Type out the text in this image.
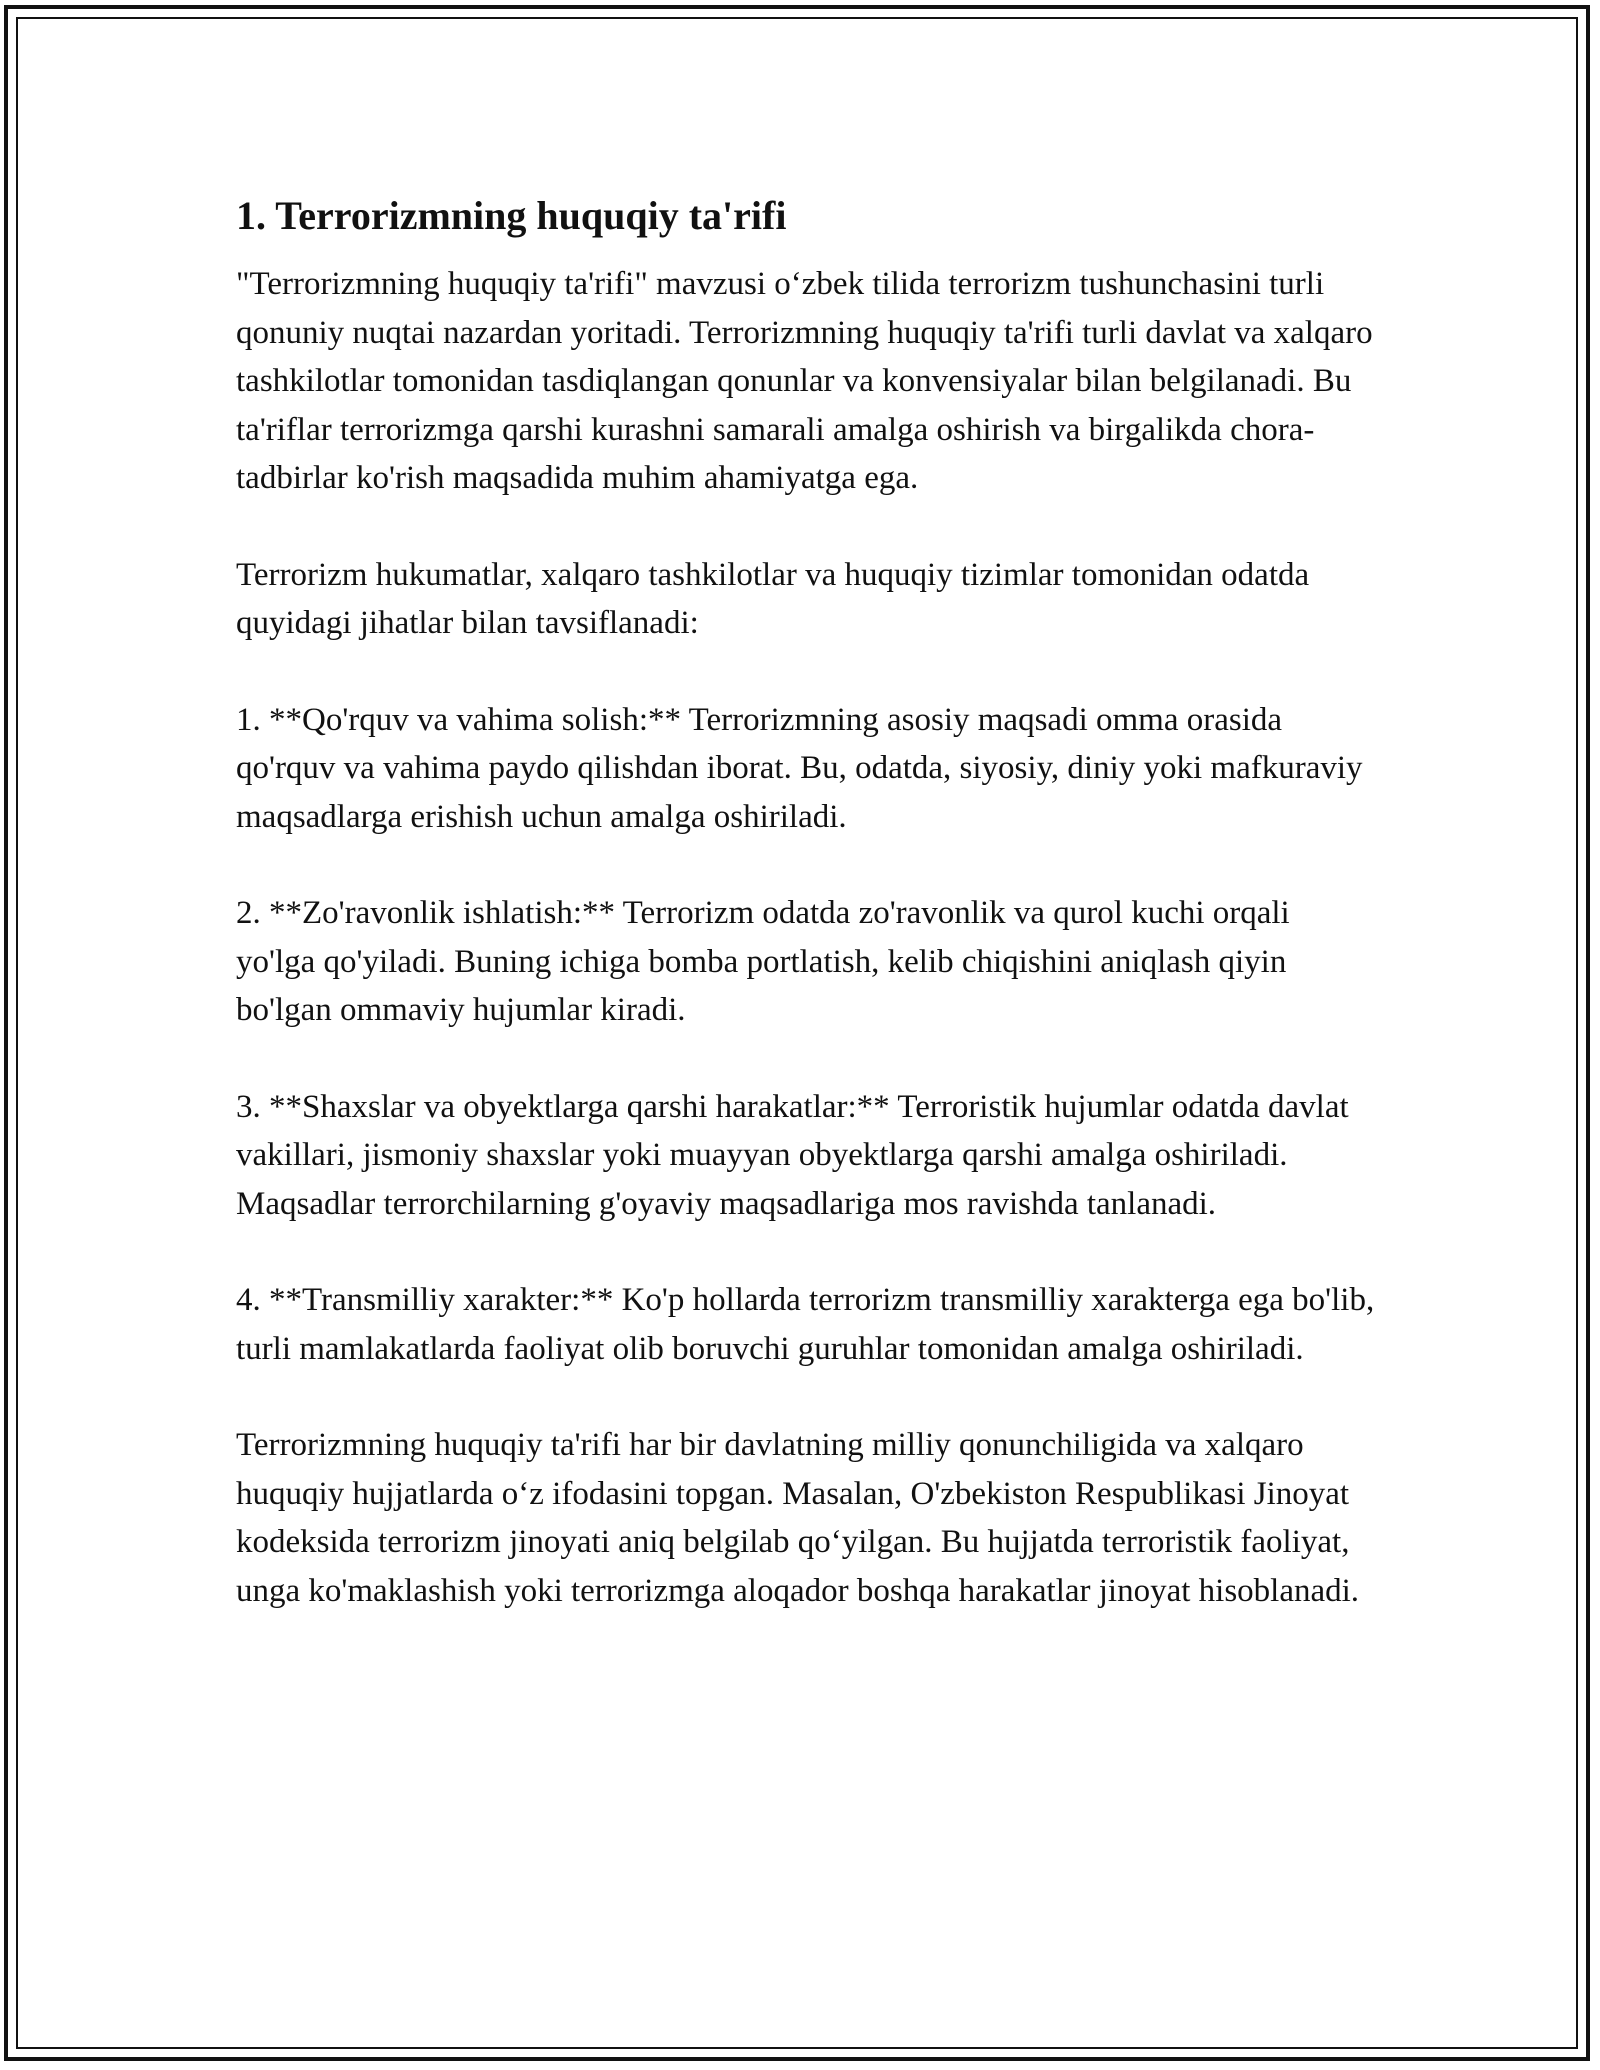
1. Terrorizmning huquqiy ta'rifi

"Terrorizmning huquqiy ta'rifi" mavzusi o‘zbek tilida terrorizm tushunchasini turli qonuniy nuqtai nazardan yoritadi. Terrorizmning huquqiy ta'rifi turli davlat va xalqaro tashkilotlar tomonidan tasdiqlangan qonunlar va konvensiyalar bilan belgilanadi. Bu ta'riflar terrorizmga qarshi kurashni samarali amalga oshirish va birgalikda chora-tadbirlar ko'rish maqsadida muhim ahamiyatga ega.

Terrorizm hukumatlar, xalqaro tashkilotlar va huquqiy tizimlar tomonidan odatda quyidagi jihatlar bilan tavsiflanadi:

1. **Qo'rquv va vahima solish:** Terrorizmning asosiy maqsadi omma orasida qo'rquv va vahima paydo qilishdan iborat. Bu, odatda, siyosiy, diniy yoki mafkuraviy maqsadlarga erishish uchun amalga oshiriladi.

2. **Zo'ravonlik ishlatish:** Terrorizm odatda zo'ravonlik va qurol kuchi orqali yo'lga qo'yiladi. Buning ichiga bomba portlatish, kelib chiqishini aniqlash qiyin bo'lgan ommaviy hujumlar kiradi.

3. **Shaxslar va obyektlarga qarshi harakatlar:** Terroristik hujumlar odatda davlat vakillari, jismoniy shaxslar yoki muayyan obyektlarga qarshi amalga oshiriladi. Maqsadlar terrorchilarning g'oyaviy maqsadlariga mos ravishda tanlanadi.

4. **Transmilliy xarakter:** Ko'p hollarda terrorizm transmilliy xarakterga ega bo'lib, turli mamlakatlarda faoliyat olib boruvchi guruhlar tomonidan amalga oshiriladi.

Terrorizmning huquqiy ta'rifi har bir davlatning milliy qonunchiligida va xalqaro huquqiy hujjatlarda o‘z ifodasini topgan. Masalan, O'zbekiston Respublikasi Jinoyat kodeksida terrorizm jinoyati aniq belgilab qo‘yilgan. Bu hujjatda terroristik faoliyat, unga ko'maklashish yoki terrorizmga aloqador boshqa harakatlar jinoyat hisoblanadi.
